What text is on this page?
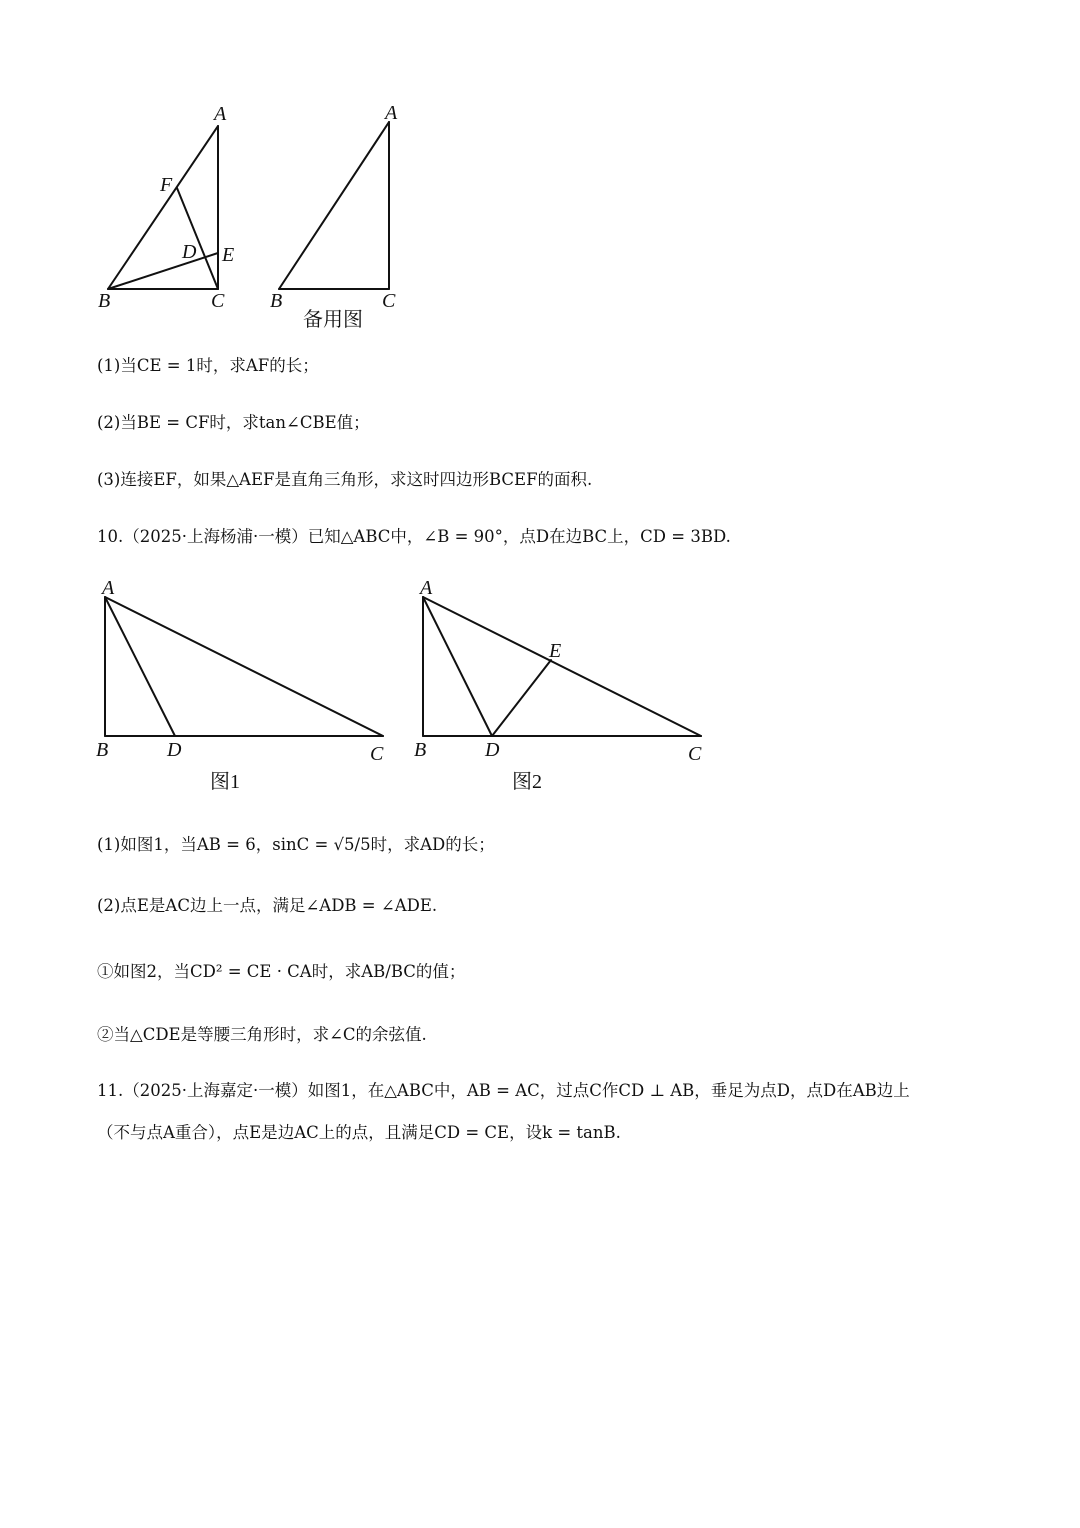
A
F
D E
B	C
A
B	C
备用图
A
B	D	C
图1
A
E
B	D	C
图2
(1)当CE = 1时，求AF的长；
(2)当BE = CF时，求tan∠CBE值；
(3)连接EF，如果△AEF是直角三角形，求这时四边形BCEF的面积.
10.（2025·上海杨浦·一模）已知△ABC中，∠B = 90°，点D在边BC上，CD = 3BD.
(1)如图1，当AB = 6，sinC = √5/5时，求AD的长；
(2)点E是AC边上一点，满足∠ADB = ∠ADE.
①如图2，当CD² = CE · CA时，求AB/BC的值；
②当△CDE是等腰三角形时，求∠C的余弦值.
11.（2025·上海嘉定·一模）如图1，在△ABC中，AB = AC，过点C作CD ⊥ AB，垂足为点D，点D在AB边上
（不与点A重合），点E是边AC上的点，且满足CD = CE，设k = tanB.
